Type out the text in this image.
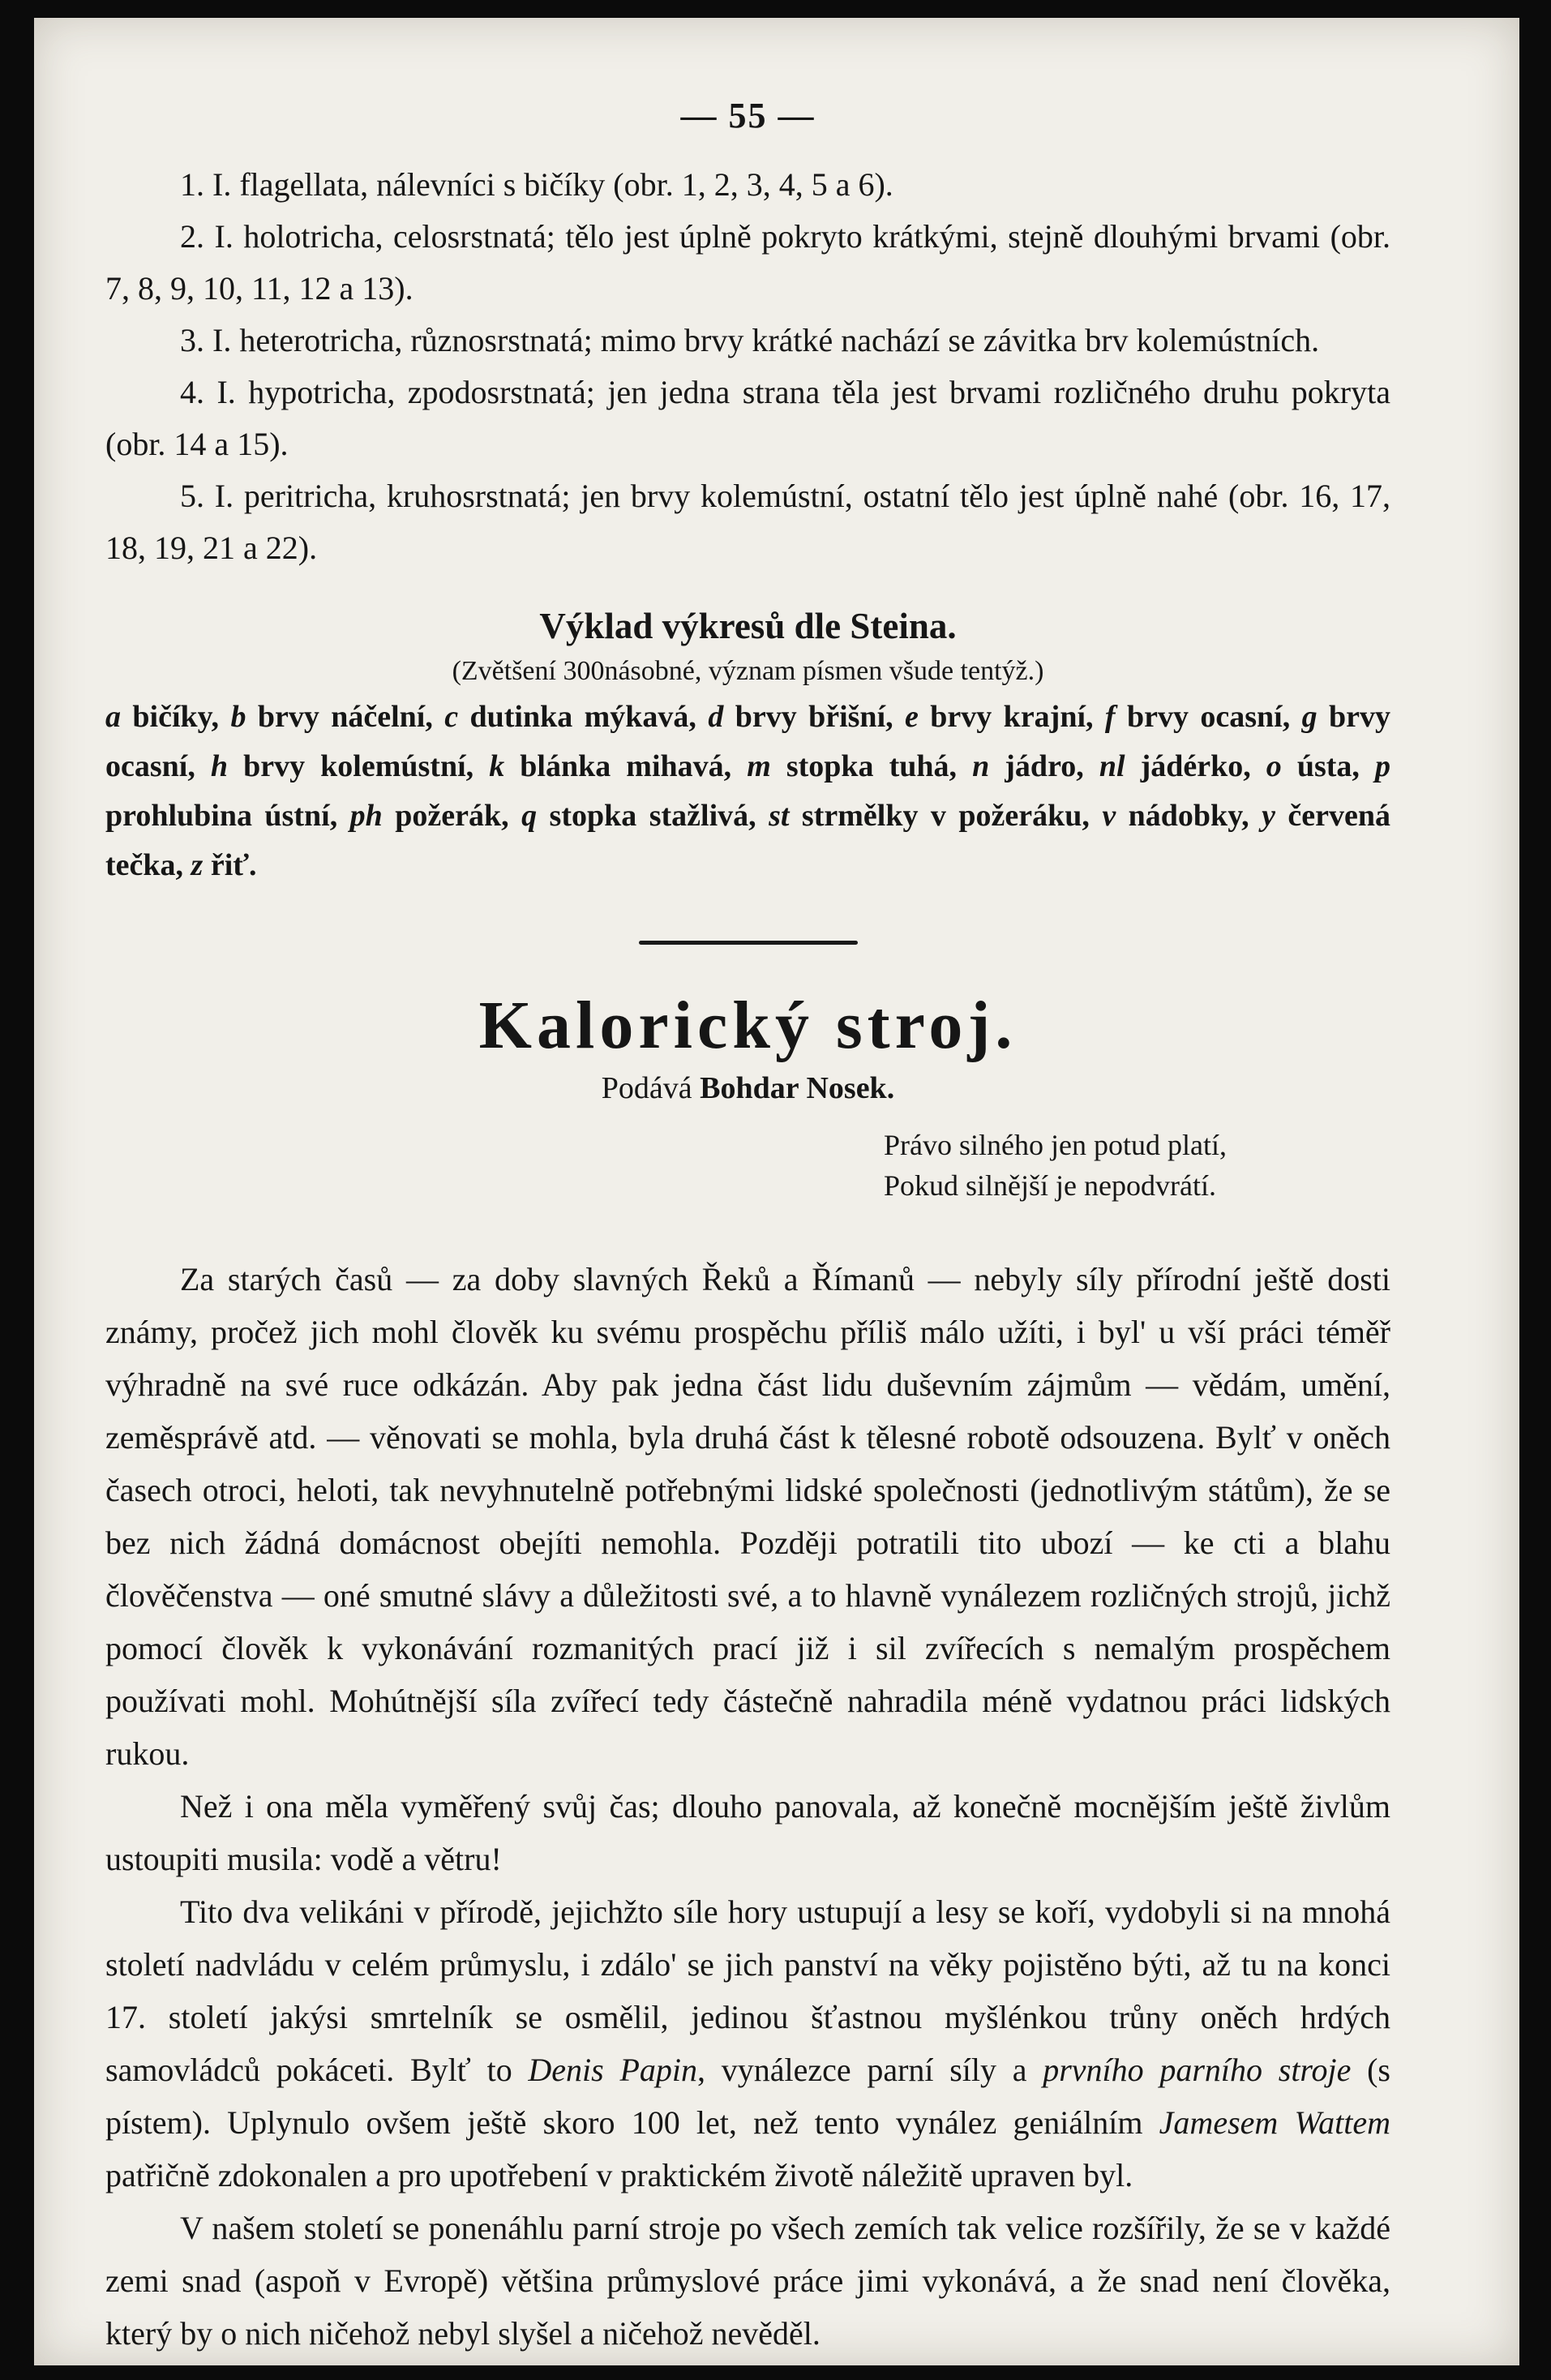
— 55 —

1. I. flagellata, nálevníci s bičíky (obr. 1, 2, 3, 4, 5 a 6).

2. I. holotricha, celosrstnatá; tělo jest úplně pokryto krátkými, stejně dlouhými brvami (obr. 7, 8, 9, 10, 11, 12 a 13).

3. I. heterotricha, různosrstnatá; mimo brvy krátké nachází se závitka brv kolemústních.

4. I. hypotricha, zpodosrstnatá; jen jedna strana těla jest brvami rozličného druhu pokryta (obr. 14 a 15).

5. I. peritricha, kruhosrstnatá; jen brvy kolemústní, ostatní tělo jest úplně nahé (obr. 16, 17, 18, 19, 21 a 22).

Výklad výkresů dle Steina.
(Zvětšení 300násobné, význam písmen všude tentýž.)

a bičíky, b brvy náčelní, c dutinka mýkavá, d brvy břišní, e brvy krajní, f brvy ocasní, g brvy ocasní, h brvy kolemústní, k blánka mihavá, m stopka tuhá, n jádro, nl jádérko, o ústa, p prohlubina ústní, ph požerák, q stopka stažlivá, st strmělky v požeráku, v nádobky, y červená tečka, z řiť.

Kalorický stroj.
Podává Bohdar Nosek.
Právo silného jen potud platí,
Pokud silnější je nepodvrátí.

Za starých časů — za doby slavných Řeků a Římanů — nebyly síly přírodní ještě dosti známy, pročež jich mohl člověk ku svému prospěchu příliš málo užíti, i byl' u vší práci téměř výhradně na své ruce odkázán. Aby pak jedna část lidu duševním zájmům — vědám, umění, zeměsprávě atd. — věnovati se mohla, byla druhá část k tělesné robotě odsouzena. Bylť v oněch časech otroci, heloti, tak nevyhnutelně potřebnými lidské společnosti (jednotlivým státům), že se bez nich žádná domácnost obejíti nemohla. Později potratili tito ubozí — ke cti a blahu člověčenstva — oné smutné slávy a důležitosti své, a to hlavně vynálezem rozličných strojů, jichž pomocí člověk k vykonávání rozmanitých prací již i sil zvířecích s nemalým prospěchem používati mohl. Mohútnější síla zvířecí tedy částečně nahradila méně vydatnou práci lidských rukou.

Než i ona měla vyměřený svůj čas; dlouho panovala, až konečně mocnějším ještě živlům ustoupiti musila: vodě a větru!

Tito dva velikáni v přírodě, jejichžto síle hory ustupují a lesy se koří, vydobyli si na mnohá století nadvládu v celém průmyslu, i zdálo' se jich panství na věky pojistěno býti, až tu na konci 17. století jakýsi smrtelník se osmělil, jedinou šťastnou myšlénkou trůny oněch hrdých samovládců pokáceti. Bylť to Denis Papin, vynálezce parní síly a prvního parního stroje (s pístem). Uplynulo ovšem ještě skoro 100 let, než tento vynález geniálním Jamesem Wattem patřičně zdokonalen a pro upotřebení v praktickém životě náležitě upraven byl.

V našem století se ponenáhlu parní stroje po všech zemích tak velice rozšířily, že se v každé zemi snad (aspoň v Evropě) většina průmyslové práce jimi vykonává, a že snad není člověka, který by o nich ničehož nebyl slyšel a ničehož nevěděl.
